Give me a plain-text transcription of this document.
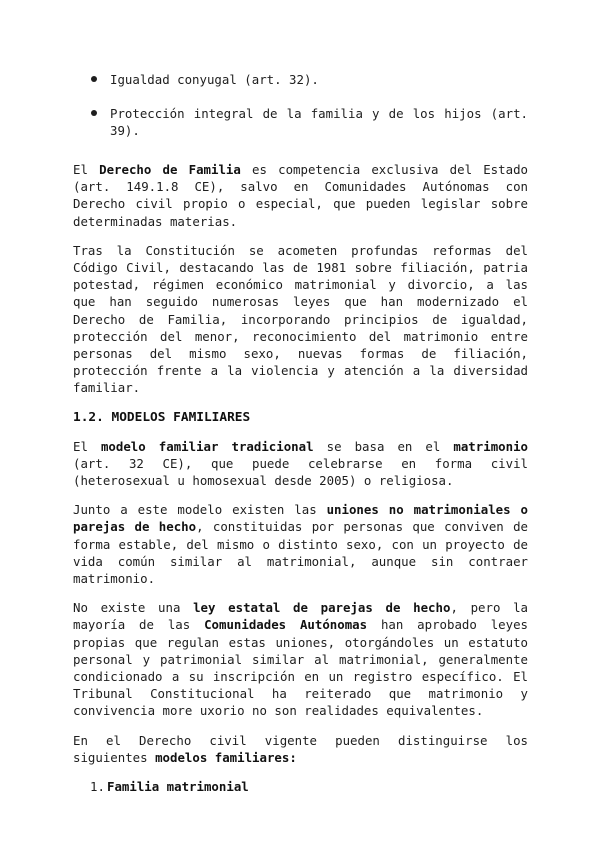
Igualdad conyugal (art. 32).
Protección integral de la familia y de los hijos (art. 39).

El Derecho de Familia es competencia exclusiva del Estado (art. 149.1.8 CE), salvo en Comunidades Autónomas con Derecho civil propio o especial, que pueden legislar sobre determinadas materias.

Tras la Constitución se acometen profundas reformas del Código Civil, destacando las de 1981 sobre filiación, patria potestad, régimen económico matrimonial y divorcio, a las que han seguido numerosas leyes que han modernizado el Derecho de Familia, incorporando principios de igualdad, protección del menor, reconocimiento del matrimonio entre personas del mismo sexo, nuevas formas de filiación, protección frente a la violencia y atención a la diversidad familiar.

1.2. MODELOS FAMILIARES

El modelo familiar tradicional se basa en el matrimonio (art. 32 CE), que puede celebrarse en forma civil (heterosexual u homosexual desde 2005) o religiosa.

Junto a este modelo existen las uniones no matrimoniales o parejas de hecho, constituidas por personas que conviven de forma estable, del mismo o distinto sexo, con un proyecto de vida común similar al matrimonial, aunque sin contraer matrimonio.

No existe una ley estatal de parejas de hecho, pero la mayoría de las Comunidades Autónomas han aprobado leyes propias que regulan estas uniones, otorgándoles un estatuto personal y patrimonial similar al matrimonial, generalmente condicionado a su inscripción en un registro específico. El Tribunal Constitucional ha reiterado que matrimonio y convivencia more uxorio no son realidades equivalentes.

En el Derecho civil vigente pueden distinguirse los siguientes modelos familiares:

1. Familia matrimonial
